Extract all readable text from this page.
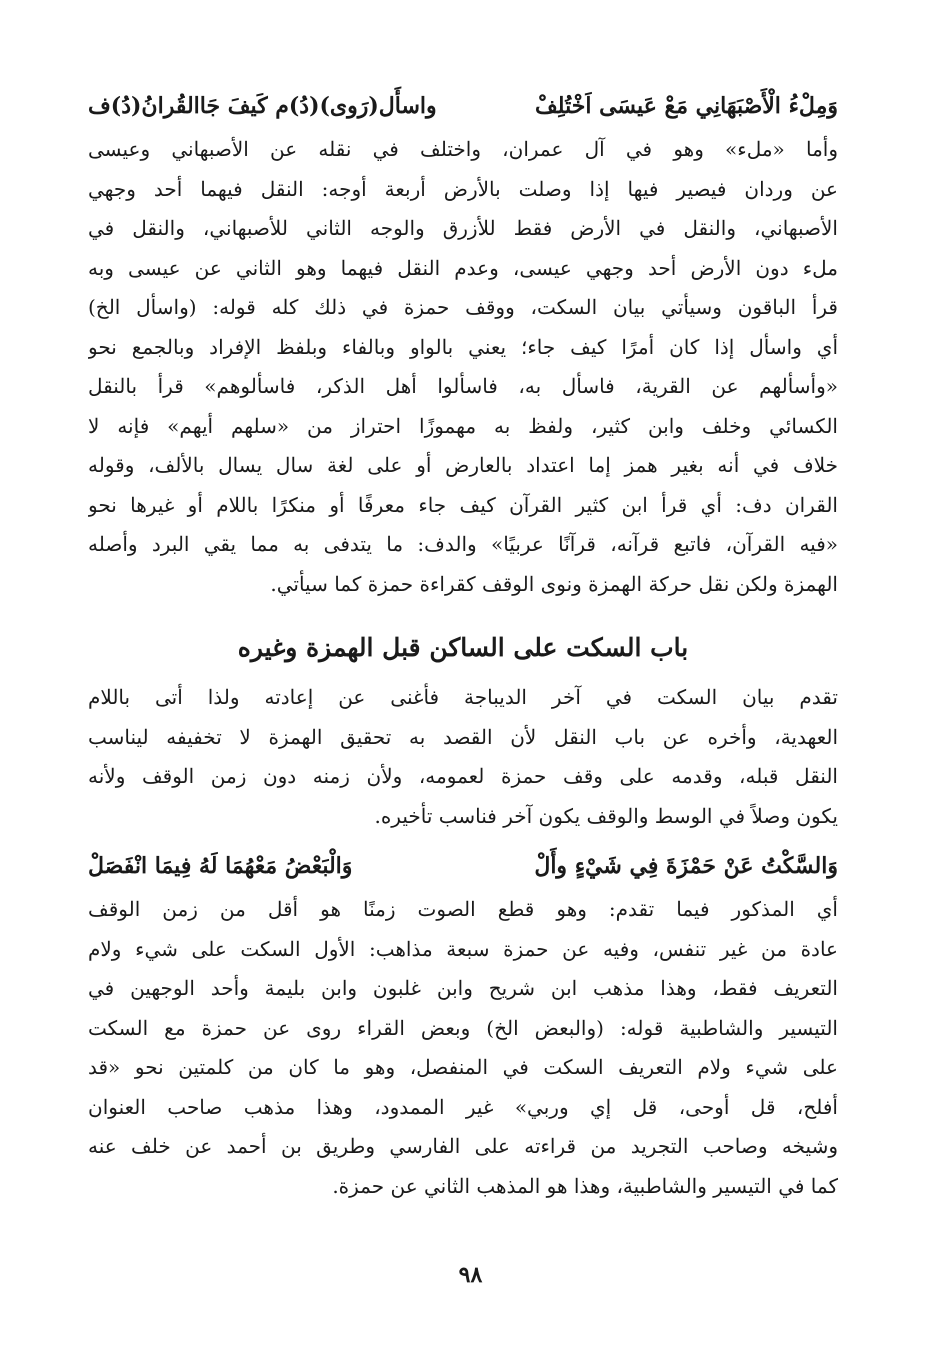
وَمِلْءُ الْأَصْبَهَانِي مَعْ عَيسَى اَخْتُلِفْ
واسأَل(رَوى)(دُ)م كَيفَ جَاالقُرانُ(دُ)ف
وأما «ملء» وهو في آل عمران، واختلف في نقله عن الأصبهاني وعيسى
عن وردان فيصير فيها إذا وصلت بالأرض أربعة أوجه: النقل فيهما أحد وجهي
الأصبهاني، والنقل في الأرض فقط للأزرق والوجه الثاني للأصبهاني، والنقل في
ملء دون الأرض أحد وجهي عيسى، وعدم النقل فيهما وهو الثاني عن عيسى وبه
قرأ الباقون وسيأتي بيان السكت، ووقف حمزة في ذلك كله قوله: (واسأل الخ)
أي واسأل إذا كان أمرًا كيف جاء؛ يعني بالواو وبالفاء وبلفظ الإفراد وبالجمع نحو
«وأسألهم عن القرية، فاسأل به، فاسألوا أهل الذكر، فاسألوهم» قرأ بالنقل
الكسائي وخلف وابن كثير، ولفظ به مهموزًا احتراز من «سلهم أيهم» فإنه لا
خلاف في أنه بغير همز إما اعتداد بالعارض أو على لغة سال يسال بالألف، وقوله
القران دف: أي قرأ ابن كثير القرآن كيف جاء معرفًا أو منكرًا باللام أو غيرها نحو
«فيه القرآن، فاتبع قرآنه، قرآنًا عربيًا» والدف: ما يتدفى به مما يقي البرد وأصله
الهمزة ولكن نقل حركة الهمزة ونوى الوقف كقراءة حمزة كما سيأتي.
باب السكت على الساكن قبل الهمزة وغيره
تقدم بيان السكت في آخر الديباجة فأغنى عن إعادته ولذا أتى باللام
العهدية، وأخره عن باب النقل لأن القصد به تحقيق الهمزة لا تخفيفه ليناسب
النقل قبله، وقدمه على وقف حمزة لعمومه، ولأن زمنه دون زمن الوقف ولأنه
يكون وصلاً في الوسط والوقف يكون آخر فناسب تأخيره.
وَالسَّكْتُ عَنْ حَمْزَةَ فِي شَيْءٍ وأَلْ
وَالْبَعْضُ مَعْهُمَا لَهُ فِيمَا انْفَصَلْ
أي المذكور فيما تقدم: وهو قطع الصوت زمنًا هو أقل من زمن الوقف
عادة من غير تنفس، وفيه عن حمزة سبعة مذاهب: الأول السكت على شيء ولام
التعريف فقط، وهذا مذهب ابن شريح وابن غلبون وابن بليمة وأحد الوجهين في
التيسير والشاطبية قوله: (والبعض الخ) وبعض القراء روى عن حمزة مع السكت
على شيء ولام التعريف السكت في المنفصل، وهو ما كان من كلمتين نحو «قد
أفلح، قل أوحى، قل إي وربي» غير الممدود، وهذا مذهب صاحب العنوان
وشيخه وصاحب التجريد من قراءته على الفارسي وطريق بن أحمد عن خلف عنه
كما في التيسير والشاطبية، وهذا هو المذهب الثاني عن حمزة.
٩٨
